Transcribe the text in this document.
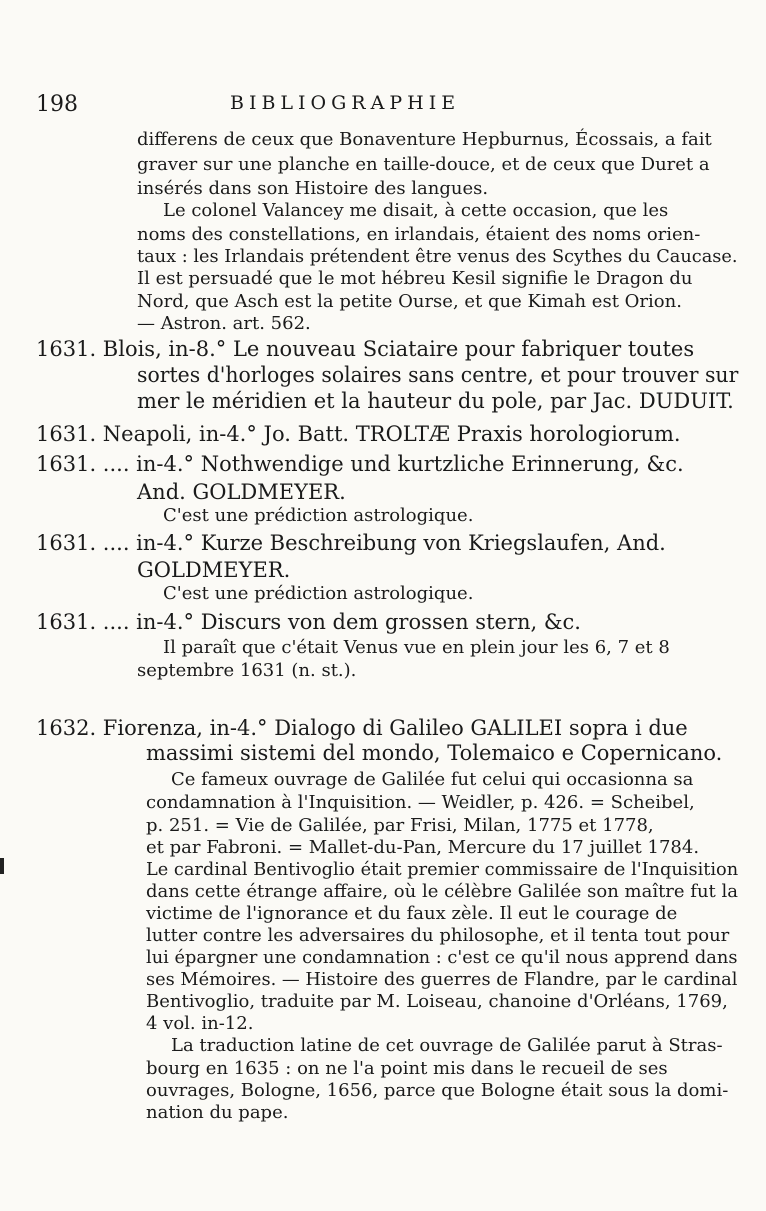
198	BIBLIOGRAPHIE
differens de ceux que Bonaventure Hepburnus, Écossais, a fait
graver sur une planche en taille-douce, et de ceux que Duret a
insérés dans son Histoire des langues.
Le colonel Valancey me disait, à cette occasion, que les
noms des constellations, en irlandais, étaient des noms orien-
taux : les Irlandais prétendent être venus des Scythes du Caucase.
Il est persuadé que le mot hébreu Kesil signifie le Dragon du
Nord, que Asch est la petite Ourse, et que Kimah est Orion.
— Astron. art. 562.
1631. Blois, in-8.° Le nouveau Sciataire pour fabriquer toutes
sortes d'horloges solaires sans centre, et pour trouver sur
mer le méridien et la hauteur du pole, par Jac. DUDUIT.
1631. Neapoli, in-4.° Jo. Batt. TROLTÆ Praxis horologiorum.
1631. .... in-4.° Nothwendige und kurtzliche Erinnerung, &c.
And. GOLDMEYER.
C'est une prédiction astrologique.
1631. .... in-4.° Kurze Beschreibung von Kriegslaufen, And.
GOLDMEYER.
C'est une prédiction astrologique.
1631. .... in-4.° Discurs von dem grossen stern, &c.
Il paraît que c'était Venus vue en plein jour les 6, 7 et 8
septembre 1631 (n. st.).
1632. Fiorenza, in-4.° Dialogo di Galileo GALILEI sopra i due
massimi sistemi del mondo, Tolemaico e Copernicano.
Ce fameux ouvrage de Galilée fut celui qui occasionna sa
condamnation à l'Inquisition. — Weidler, p. 426. = Scheibel,
p. 251. = Vie de Galilée, par Frisi, Milan, 1775 et 1778,
et par Fabroni. = Mallet-du-Pan, Mercure du 17 juillet 1784.
Le cardinal Bentivoglio était premier commissaire de l'Inquisition
dans cette étrange affaire, où le célèbre Galilée son maître fut la
victime de l'ignorance et du faux zèle. Il eut le courage de
lutter contre les adversaires du philosophe, et il tenta tout pour
lui épargner une condamnation : c'est ce qu'il nous apprend dans
ses Mémoires. — Histoire des guerres de Flandre, par le cardinal
Bentivoglio, traduite par M. Loiseau, chanoine d'Orléans, 1769,
4 vol. in-12.
La traduction latine de cet ouvrage de Galilée parut à Stras-
bourg en 1635 : on ne l'a point mis dans le recueil de ses
ouvrages, Bologne, 1656, parce que Bologne était sous la domi-
nation du pape.
